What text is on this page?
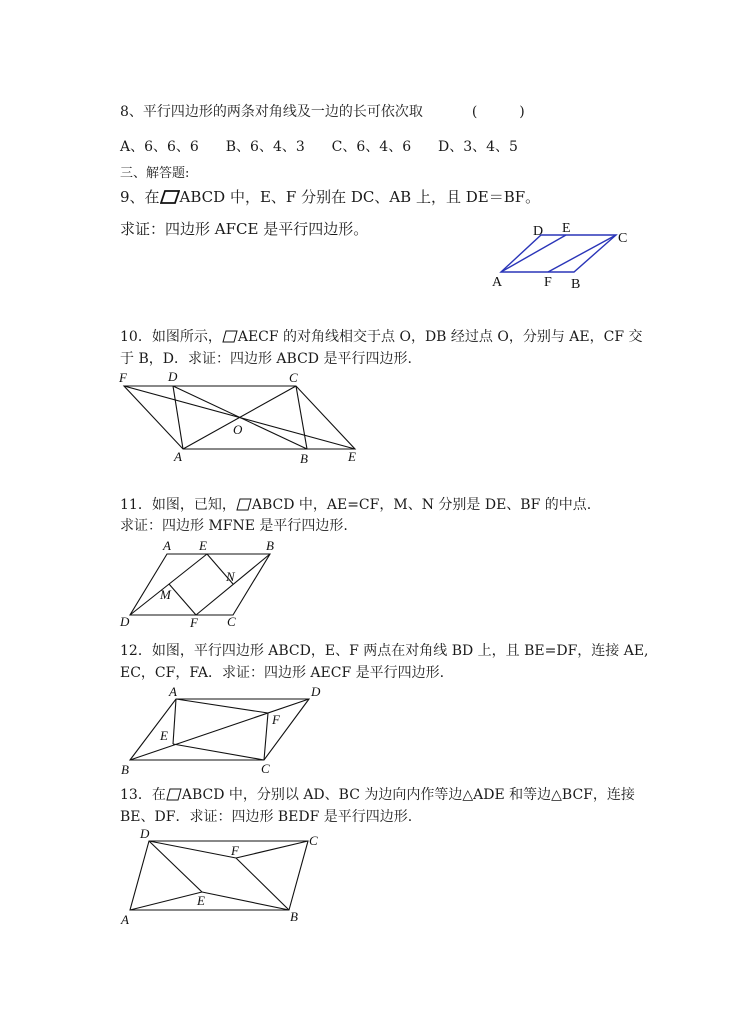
8、平行四边形的两条对角线及一边的长可依次取	(　　　)
A、6、6、6 B、6、4、3 C、6、4、6 D、3、4、5
三、解答题:
9、在 ABCD 中，E、F 分别在 DC、AB 上，且 DE＝BF。
求证：四边形 AFCE 是平行四边形。	D E
C
A	F B
10．如图所示， AECF 的对角线相交于点 O，DB 经过点 O，分别与 AE，CF 交
于 B，D．求证：四边形 ABCD 是平行四边形.
F	D	C
O
A	B	E
11．如图，已知， ABCD 中，AE=CF，M、N 分别是 DE、BF 的中点.
求证：四边形 MFNE 是平行四边形.
A E	B
N
M
D	F C
12．如图，平行四边形 ABCD，E、F 两点在对角线 BD 上，且 BE=DF，连接 AE,
EC，CF，FA．求证：四边形 AECF 是平行四边形.
A	D
F
E
B	C
13．在 ABCD 中，分别以 AD、BC 为边向内作等边△ADE 和等边△BCF，连接
BE、DF．求证：四边形 BEDF 是平行四边形.
D	C
F
E
A	B
